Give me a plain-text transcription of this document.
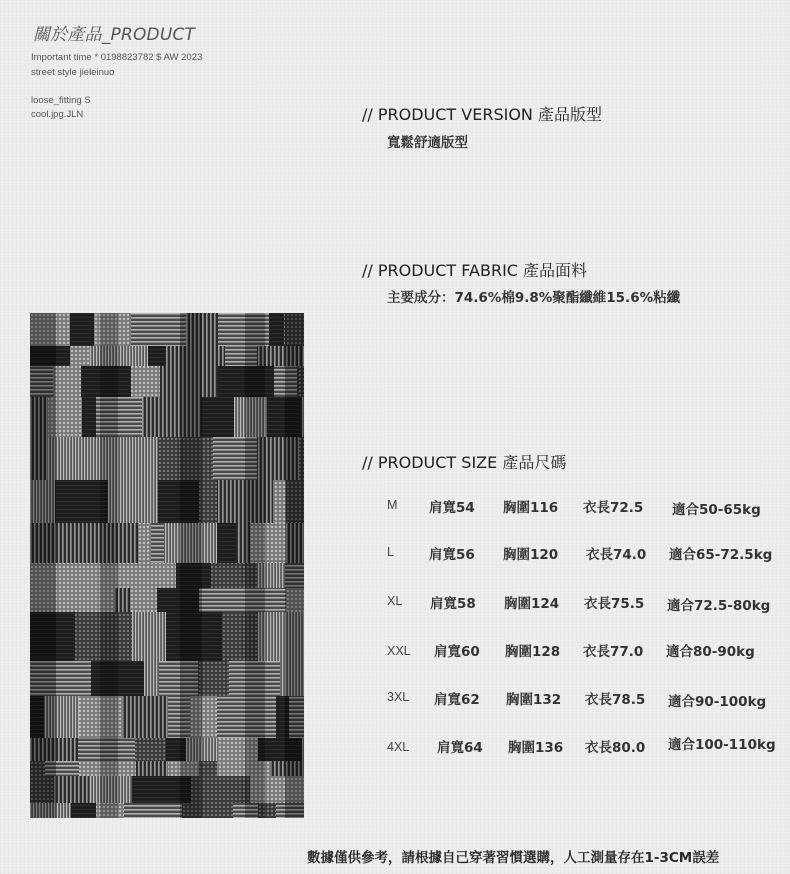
關於產品_PRODUCT
Important time * 0198823782 $ AW 2023
street style jieleinuo
loose_fitting S
cool.jpg.JLN	// PRODUCT VERSION 產品版型
寬鬆舒適版型
// PRODUCT FABRIC 產品面料
主要成分：74.6%棉9.8%聚酯纖維15.6%粘纖
// PRODUCT SIZE 產品尺碼
M 肩寬54 胸圍116 衣長72.5 適合50-65kg
L	肩寬56 胸圍120 衣長74.0 適合65-72.5kg
XL 肩寬58 胸圍124 衣長75.5 適合72.5-80kg
XXL 肩寬60 胸圍128 衣長77.0 適合80-90kg
3XL 肩寬62 胸圍132 衣長78.5 適合90-100kg
4XL 肩寬64 胸圍136 衣長80.0 適合100-110kg
數據僅供參考，請根據自己穿著習慣選購，人工測量存在1-3CM誤差
